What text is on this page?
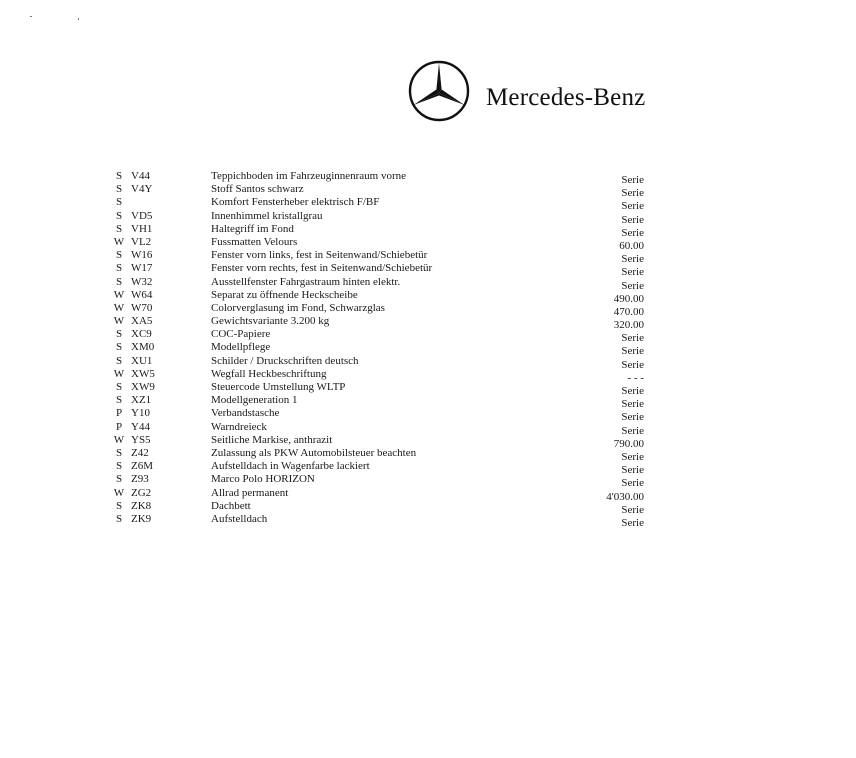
Mercedes-Benz
S V44	Teppichboden im Fahrzeuginnenraum vorne	Serie
S V4Y	Stoff Santos schwarz	Serie
S	Komfort Fensterheber elektrisch F/BF	Serie
S VD5	Innenhimmel kristallgrau	Serie
S VH1	Haltegriff im Fond	Serie
W VL2	Fussmatten Velours	60.00
S W16	Fenster vorn links, fest in Seitenwand/Schiebetür	Serie
S W17	Fenster vorn rechts, fest in Seitenwand/Schiebetür	Serie
S W32	Ausstellfenster Fahrgastraum hinten elektr.	Serie
W W64	Separat zu öffnende Heckscheibe	490.00
W W70	Colorverglasung im Fond, Schwarzglas	470.00
W XA5	Gewichtsvariante 3.200 kg	320.00
S XC9	COC-Papiere	Serie
S XM0	Modellpflege	Serie
S XU1	Schilder / Druckschriften deutsch	Serie
W XW5	Wegfall Heckbeschriftung	- - -
S XW9	Steuercode Umstellung WLTP	Serie
S XZ1	Modellgeneration 1	Serie
P Y10	Verbandstasche	Serie
P Y44	Warndreieck	Serie
W YS5	Seitliche Markise, anthrazit	790.00
S Z42	Zulassung als PKW Automobilsteuer beachten	Serie
S Z6M	Aufstelldach in Wagenfarbe lackiert	Serie
S Z93	Marco Polo HORIZON	Serie
W ZG2	Allrad permanent	4'030.00
S ZK8	Dachbett	Serie
S ZK9	Aufstelldach	Serie
